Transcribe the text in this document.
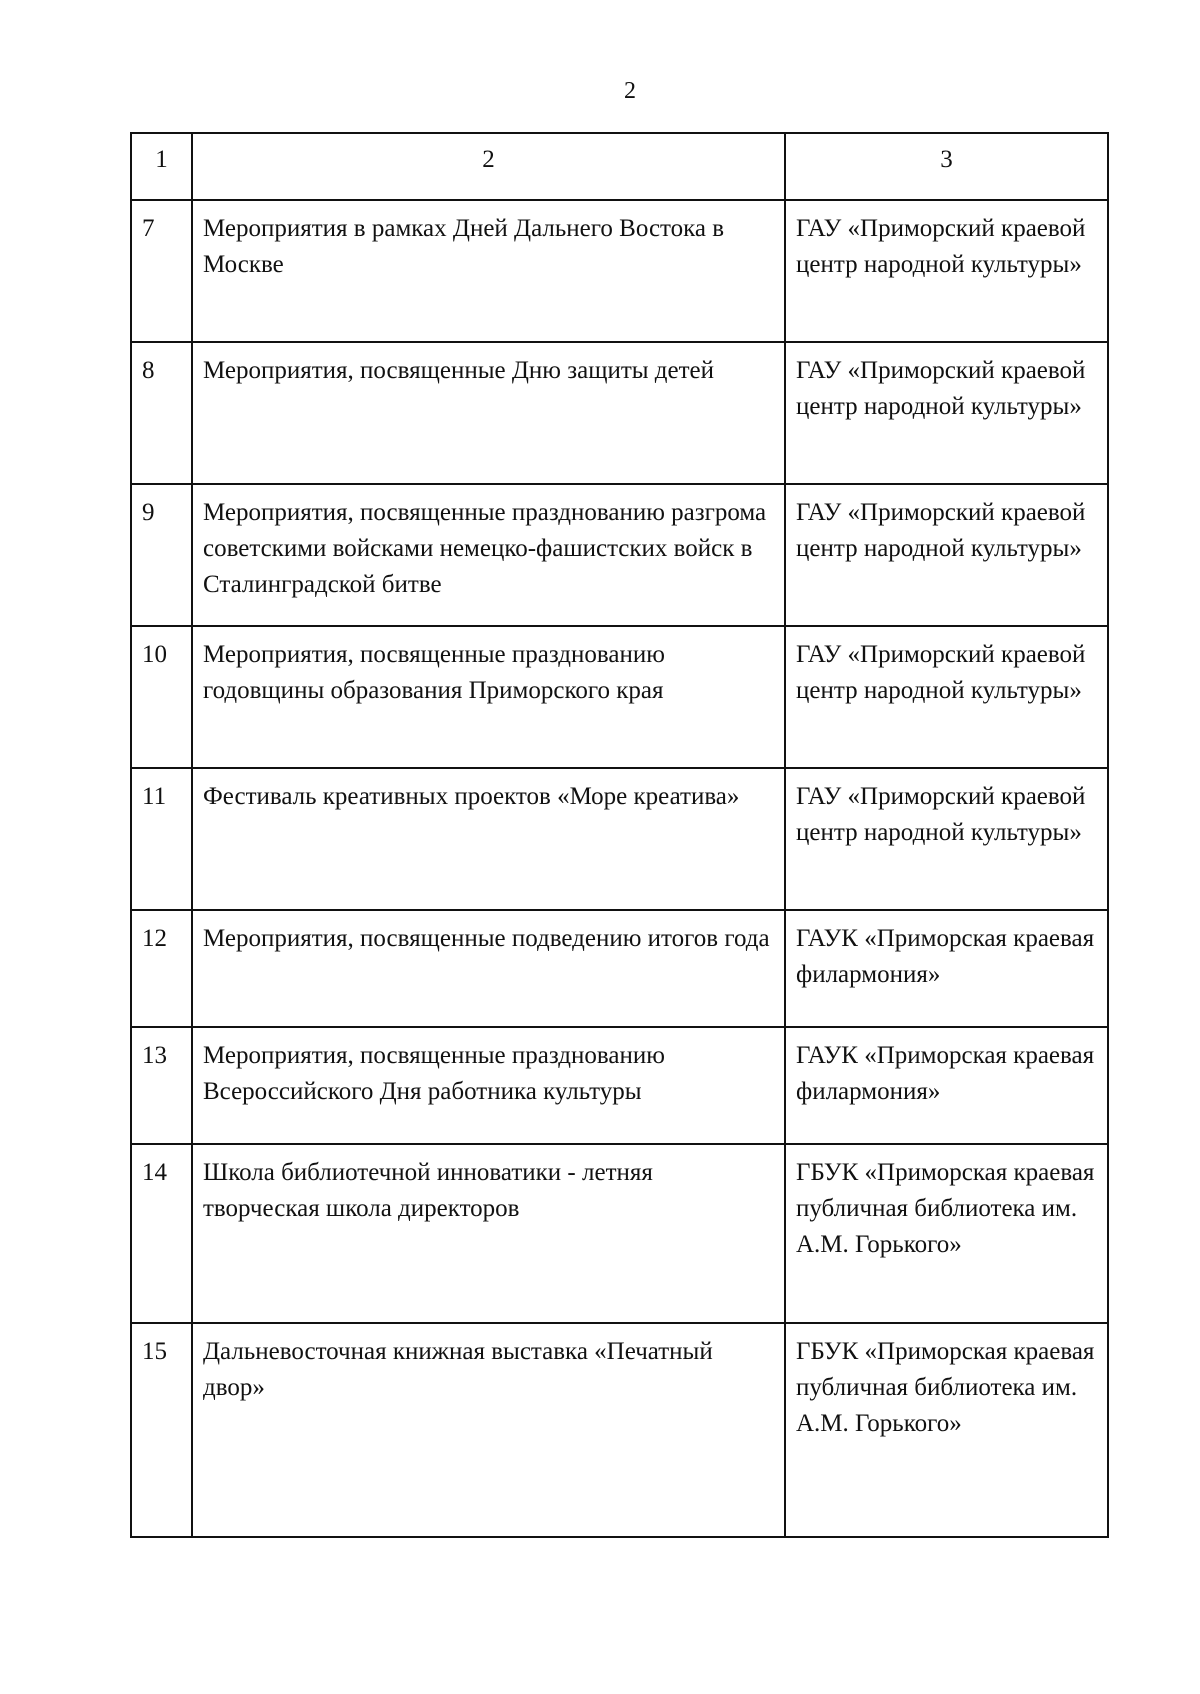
2
1	2	3
7	Мероприятия в рамках Дней Дальнего Востока в Москве	ГАУ «Приморский краевой центр народной культуры»
8	Мероприятия, посвященные Дню защиты детей	ГАУ «Приморский краевой центр народной культуры»
9	Мероприятия, посвященные празднованию разгрома советскими войсками немецко-фашистских войск в Сталинградской битве	ГАУ «Приморский краевой центр народной культуры»
10	Мероприятия, посвященные празднованию годовщины образования Приморского края	ГАУ «Приморский краевой центр народной культуры»
11	Фестиваль креативных проектов «Море креатива»	ГАУ «Приморский краевой центр народной культуры»
12	Мероприятия, посвященные подведению итогов года	ГАУК «Приморская краевая филармония»
13	Мероприятия, посвященные празднованию Всероссийского Дня работника культуры	ГАУК «Приморская краевая филармония»
14	Школа библиотечной инноватики - летняя творческая школа директоров	ГБУК «Приморская краевая публичная библиотека им. А.М. Горького»
15	Дальневосточная книжная выставка «Печатный двор»	ГБУК «Приморская краевая публичная библиотека им. А.М. Горького»
